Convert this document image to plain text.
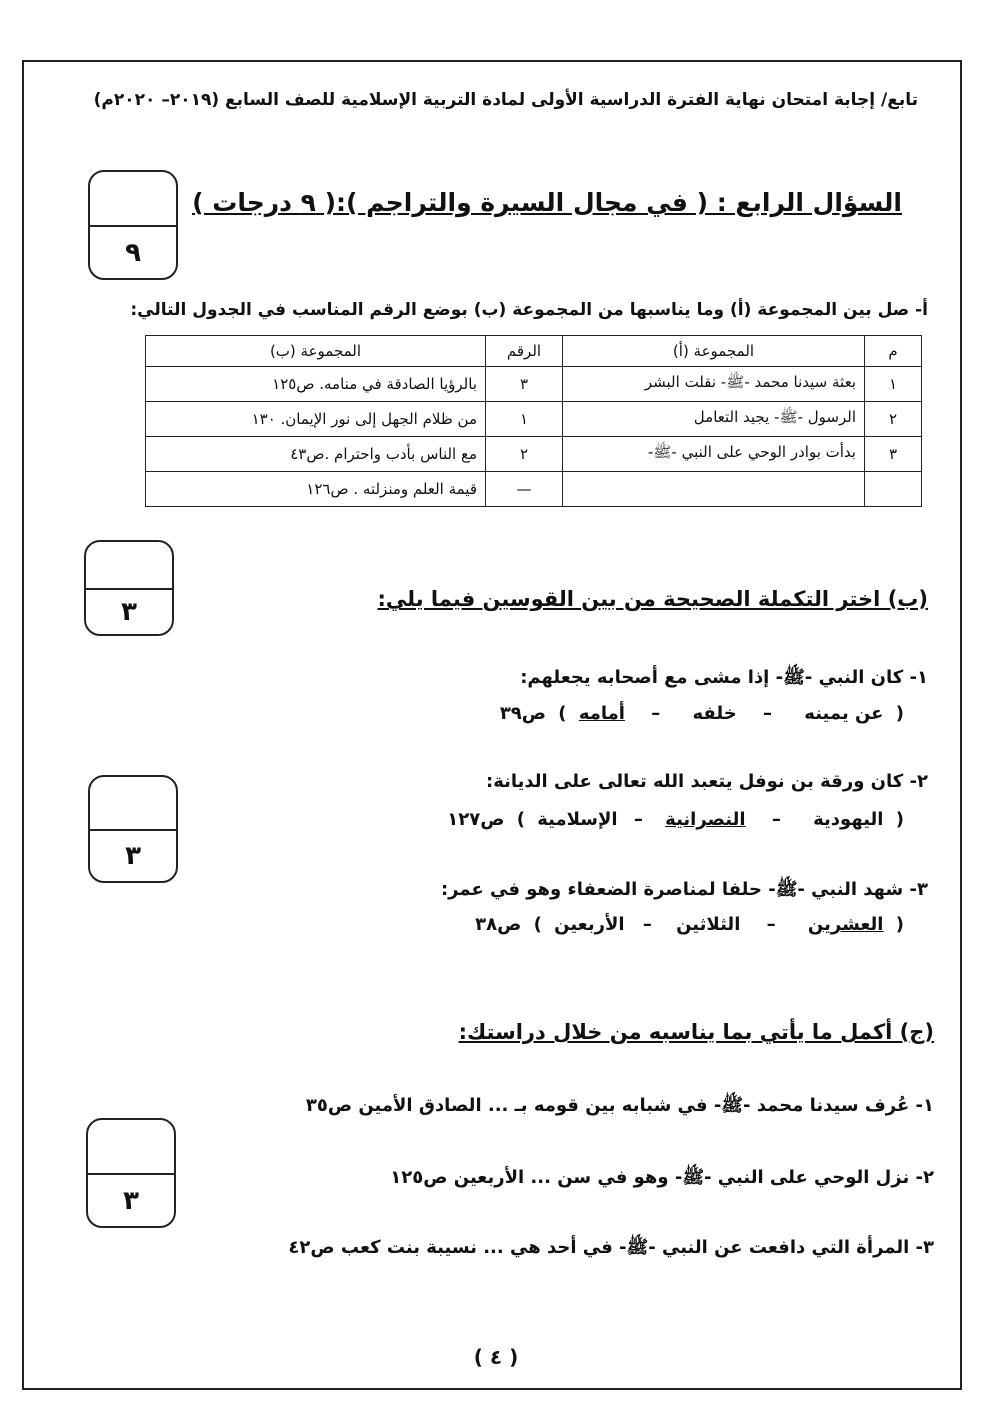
تابع/ إجابة امتحان نهاية الفترة الدراسية الأولى لمادة التربية الإسلامية للصف السابع (٢٠١٩– ٢٠٢٠م)
السؤال الرابع : ( في مجال السيرة والتراجم ):( ٩ درجات )
٩
أ- صل بين المجموعة (أ) وما يناسبها من المجموعة (ب) بوضع الرقم المناسب في الجدول التالي:
م	المجموعة (أ)	الرقم	المجموعة (ب)
١	بعثة سيدنا محمد -ﷺ- نقلت البشر	٣	بالرؤيا الصادقة في منامه. ص١٢٥
٢	الرسول -ﷺ- يجيد التعامل	١	من ظلام الجهل إلى نور الإيمان. ١٣٠
٣	بدأت بوادر الوحي على النبي -ﷺ-	٢	مع الناس بأدب واحترام .ص٤٣
		—	قيمة العلم ومنزلته . ص١٢٦
٣	(ب) اختر التكملة الصحيحة من بين القوسين فيما يلي:
١- كان النبي -ﷺ- إذا مشى مع أصحابه يجعلهم:
( عن يمينه – خلفه – أمامه ) ص٣٩
٣
٢- كان ورقة بن نوفل يتعبد الله تعالى على الديانة:
( اليهودية – النصرانية – الإسلامية ) ص١٢٧
٣- شهد النبي -ﷺ- حلفا لمناصرة الضعفاء وهو في عمر:
( العشرين – الثلاثين – الأربعين ) ص٣٨
(ج) أكمل ما يأتي بما يناسبه من خلال دراستك:
٣
١- عُرف سيدنا محمد -ﷺ- في شبابه بين قومه بـ ... الصادق الأمين ص٣٥
٢- نزل الوحي على النبي -ﷺ- وهو في سن ... الأربعين ص١٢٥
٣- المرأة التي دافعت عن النبي -ﷺ- في أحد هي ... نسيبة بنت كعب ص٤٢
( ٤ )
